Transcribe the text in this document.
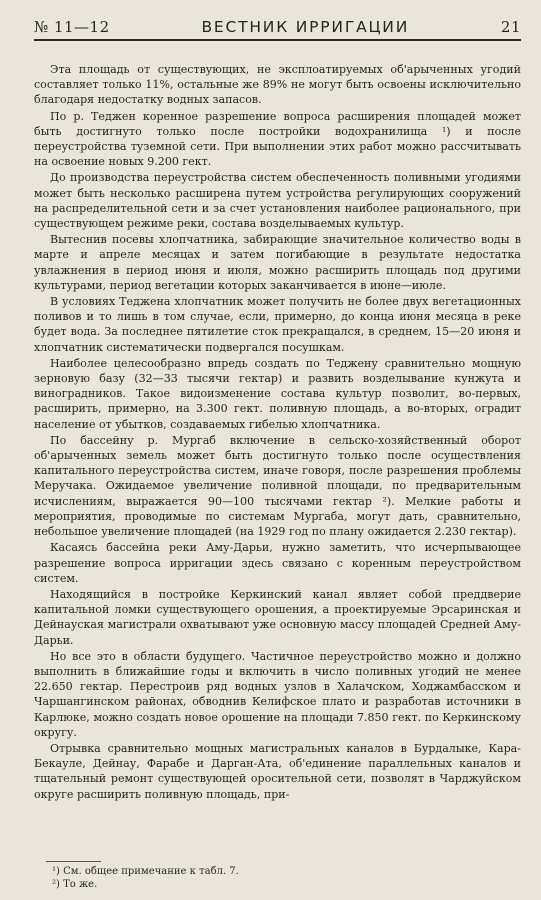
№ 11—12	ВЕСТНИК ИРРИГАЦИИ	21

Эта площадь от существующих, не эксплоатируемых об'арыченных угодий составляет только 11%, остальные же 89% не могут быть освоены исключительно благодаря недостатку водных запасов.

По р. Теджен коренное разрешение вопроса расширения площадей может быть достигнуто только после постройки водохранилища ¹) и после переустройства туземной сети. При выполнении этих работ можно рассчитывать на освоение новых 9.200 гект.

До производства переустройства систем обеспеченность поливными угодиями может быть несколько расширена путем устройства регулирующих сооружений на распределительной сети и за счет установления наиболее рационального, при существующем режиме реки, состава возделываемых культур.

Вытеснив посевы хлопчатника, забирающие значительное количество воды в марте и апреле месяцах и затем погибающие в результате недостатка увлажнения в период июня и июля, можно расширить площадь под другими культурами, период вегетации которых заканчивается в июне—июле.

В условиях Теджена хлопчатник может получить не более двух вегетационных поливов и то лишь в том случае, если, примерно, до конца июня месяца в реке будет вода. За последнее пятилетие сток прекращался, в среднем, 15—20 июня и хлопчатник систематически подвергался посушкам.

Наиболее целесообразно впредь создать по Теджену сравнительно мощную зерновую базу (32—33 тысячи гектар) и развить возделывание кунжута и виноградников. Такое видоизменение состава культур позволит, во-первых, расширить, примерно, на 3.300 гект. поливную площадь, а во-вторых, оградит население от убытков, создаваемых гибелью хлопчатника.

По бассейну р. Мургаб включение в сельско-хозяйственный оборот об'арыченных земель может быть достигнуто только после осуществления капитального переустройства систем, иначе говоря, после разрешения проблемы Меручака. Ожидаемое увеличение поливной площади, по предварительным исчислениям, выражается 90—100 тысячами гектар ²). Мелкие работы и мероприятия, проводимые по системам Мургаба, могут дать, сравнительно, небольшое увеличение площадей (на 1929 год по плану ожидается 2.230 гектар).

Касаясь бассейна реки Аму-Дарьи, нужно заметить, что исчерпывающее разрешение вопроса ирригации здесь связано с коренным переустройством систем.

Находящийся в постройке Керкинский канал являет собой преддверие капитальной ломки существующего орошения, а проектируемые Эрсаринская и Дейнауская магистрали охватывают уже основную массу площадей Средней Аму-Дарьи.

Но все это в области будущего. Частичное переустройство можно и должно выполнить в ближайшие годы и включить в число поливных угодий не менее 22.650 гектар. Перестроив ряд водных узлов в Халачском, Ходжамбасском и Чаршангинском районах, обводнив Келифское плато и разработав источники в Карлюке, можно создать новое орошение на площади 7.850 гект. по Керкинскому округу.

Отрывка сравнительно мощных магистральных каналов в Бурдалыке, Кара-Бекауле, Дейнау, Фарабе и Дарган-Ата, об'единение параллельных каналов и тщательный ремонт существующей оросительной сети, позволят в Чарджуйском округе расширить поливную площадь, при-

¹) См. общее примечание к табл. 7.
²) То же.
